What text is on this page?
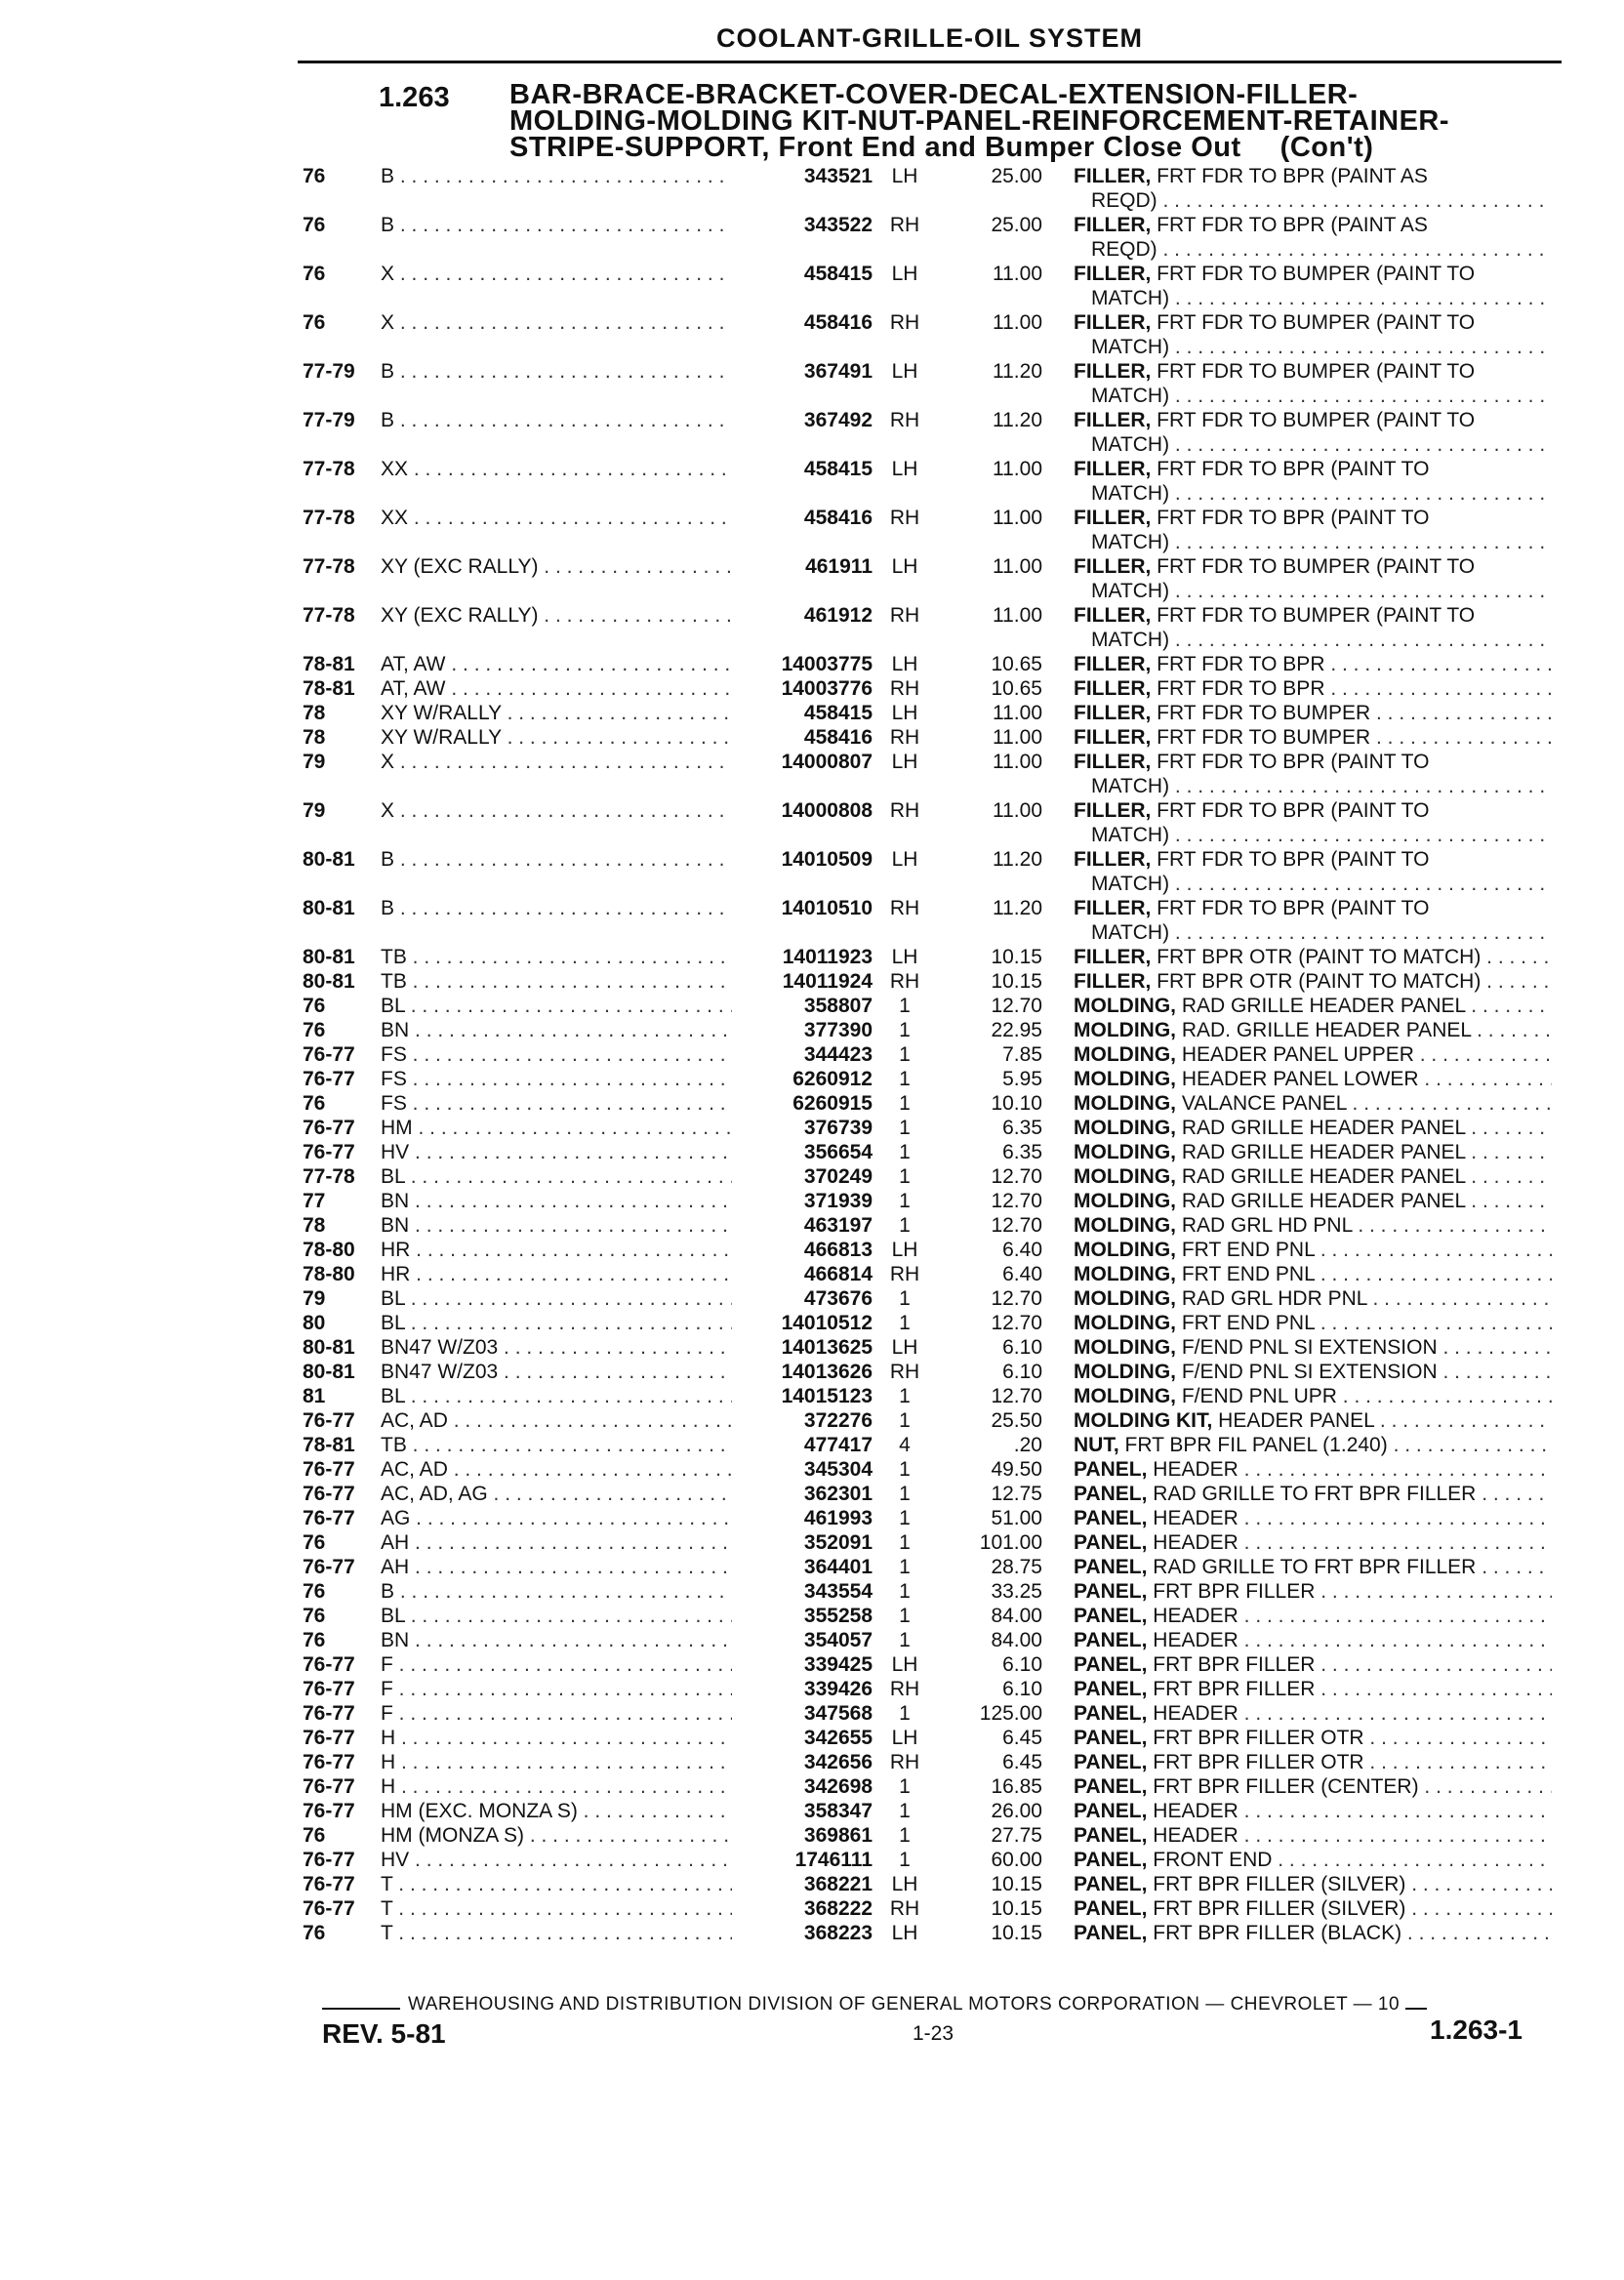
COOLANT-GRILLE-OIL SYSTEM
1.263 BAR-BRACE-BRACKET-COVER-DECAL-EXTENSION-FILLER-
MOLDING-MOLDING KIT-NUT-PANEL-REINFORCEMENT-RETAINER-
STRIPE-SUPPORT, Front End and Bumper Close Out (Con't)
76	B . . .	343521 LH	25.00 FILLER, FRT FDR TO BPR (PAINT AS
REQD) . . .
76	B . . .	343522 RH	25.00 FILLER, FRT FDR TO BPR (PAINT AS
REQD) . . .
76	X . . .	458415 LH	11.00 FILLER, FRT FDR TO BUMPER (PAINT TO
MATCH) . . .
76	X . . .	458416 RH	11.00 FILLER, FRT FDR TO BUMPER (PAINT TO
MATCH) . . .
77-79 B . . .	367491 LH	11.20 FILLER, FRT FDR TO BUMPER (PAINT TO
MATCH) . . .
77-79 B . . .	367492 RH	11.20 FILLER, FRT FDR TO BUMPER (PAINT TO
MATCH) . . .
77-78 XX . . .	458415 LH	11.00 FILLER, FRT FDR TO BPR (PAINT TO
MATCH) . . .
77-78 XX . . .	458416 RH	11.00 FILLER, FRT FDR TO BPR (PAINT TO
MATCH) . . .
77-78 XY (EXC RALLY) . . .	461911 LH	11.00 FILLER, FRT FDR TO BUMPER (PAINT TO
MATCH) . . .
77-78 XY (EXC RALLY) . . .	461912 RH	11.00 FILLER, FRT FDR TO BUMPER (PAINT TO
MATCH) . . .
78-81 AT, AW . . .	14003775 LH	10.65 FILLER, FRT FDR TO BPR . . .
78-81 AT, AW . . .	14003776 RH	10.65 FILLER, FRT FDR TO BPR . . .
78	XY W/RALLY . . .	458415 LH	11.00 FILLER, FRT FDR TO BUMPER . . .
78	XY W/RALLY . . .	458416 RH	11.00 FILLER, FRT FDR TO BUMPER . . .
79	X . . .	14000807 LH	11.00 FILLER, FRT FDR TO BPR (PAINT TO
MATCH) . . .
79	X . . .	14000808 RH	11.00 FILLER, FRT FDR TO BPR (PAINT TO
MATCH) . . .
80-81 B . . .	14010509 LH	11.20 FILLER, FRT FDR TO BPR (PAINT TO
MATCH) . . .
80-81 B . . .	14010510 RH	11.20 FILLER, FRT FDR TO BPR (PAINT TO
MATCH) . . .
80-81 TB . . .	14011923 LH	10.15 FILLER, FRT BPR OTR (PAINT TO MATCH) . . .
80-81 TB . . .	14011924 RH	10.15 FILLER, FRT BPR OTR (PAINT TO MATCH) . . .
76	BL . . .	358807	1	12.70 MOLDING, RAD GRILLE HEADER PANEL . . .
76	BN . . .	377390	1	22.95 MOLDING, RAD. GRILLE HEADER PANEL . . .
76-77 FS . . .	344423	1	7.85 MOLDING, HEADER PANEL UPPER . . .
76-77 FS . . .	6260912	1	5.95 MOLDING, HEADER PANEL LOWER . . .
76	FS . . .	6260915	1	10.10 MOLDING, VALANCE PANEL . . .
76-77 HM . . .	376739	1	6.35 MOLDING, RAD GRILLE HEADER PANEL . . .
76-77 HV . . .	356654	1	6.35 MOLDING, RAD GRILLE HEADER PANEL . . .
77-78 BL . . .	370249	1	12.70 MOLDING, RAD GRILLE HEADER PANEL . . .
77	BN . . .	371939	1	12.70 MOLDING, RAD GRILLE HEADER PANEL . . .
78	BN . . .	463197	1	12.70 MOLDING, RAD GRL HD PNL . . .
78-80 HR . . .	466813 LH	6.40 MOLDING, FRT END PNL . . .
78-80 HR . . .	466814 RH	6.40 MOLDING, FRT END PNL . . .
79	BL . . .	473676	1	12.70 MOLDING, RAD GRL HDR PNL . . .
80	BL . . .	14010512	1	12.70 MOLDING, FRT END PNL . . .
80-81 BN47 W/Z03 . . .	14013625 LH	6.10 MOLDING, F/END PNL SI EXTENSION . . .
80-81 BN47 W/Z03 . . .	14013626 RH	6.10 MOLDING, F/END PNL SI EXTENSION . . .
81	BL . . .	14015123	1	12.70 MOLDING, F/END PNL UPR . . .
76-77 AC, AD . . .	372276	1	25.50 MOLDING KIT, HEADER PANEL . . .
78-81 TB . . .	477417	4	.20 NUT, FRT BPR FIL PANEL (1.240) . . .
76-77 AC, AD . . .	345304	1	49.50 PANEL, HEADER . . .
76-77 AC, AD, AG . . .	362301	1	12.75 PANEL, RAD GRILLE TO FRT BPR FILLER . . .
76-77 AG . . .	461993	1	51.00 PANEL, HEADER . . .
76	AH . . .	352091	1	101.00 PANEL, HEADER . . .
76-77 AH . . .	364401	1	28.75 PANEL, RAD GRILLE TO FRT BPR FILLER . . .
76	B . . .	343554	1	33.25 PANEL, FRT BPR FILLER . . .
76	BL . . .	355258	1	84.00 PANEL, HEADER . . .
76	BN . . .	354057	1	84.00 PANEL, HEADER . . .
76-77 F . . .	339425 LH	6.10 PANEL, FRT BPR FILLER . . .
76-77 F . . .	339426 RH	6.10 PANEL, FRT BPR FILLER . . .
76-77 F . . .	347568	1	125.00 PANEL, HEADER . . .
76-77 H . . .	342655 LH	6.45 PANEL, FRT BPR FILLER OTR . . .
76-77 H . . .	342656 RH	6.45 PANEL, FRT BPR FILLER OTR . . .
76-77 H . . .	342698	1	16.85 PANEL, FRT BPR FILLER (CENTER) . . .
76-77 HM (EXC. MONZA S) . . .	358347	1	26.00 PANEL, HEADER . . .
76	HM (MONZA S) . . .	369861	1	27.75 PANEL, HEADER . . .
76-77 HV . . .	1746111	1	60.00 PANEL, FRONT END . . .
76-77 T . . .	368221 LH	10.15 PANEL, FRT BPR FILLER (SILVER) . . .
76-77 T . . .	368222 RH	10.15 PANEL, FRT BPR FILLER (SILVER) . . .
76	T . . .	368223 LH	10.15 PANEL, FRT BPR FILLER (BLACK) . . .
WAREHOUSING AND DISTRIBUTION DIVISION OF GENERAL MOTORS CORPORATION — CHEVROLET — 10
REV. 5-81	1-23	1.263-1
